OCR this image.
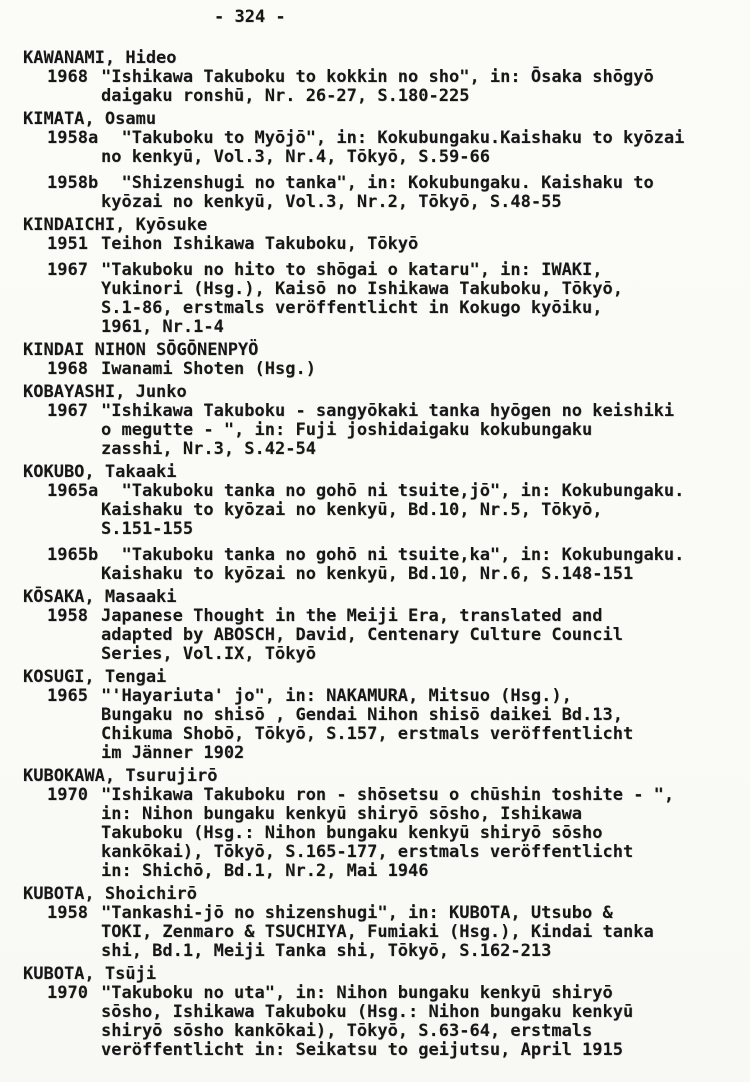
- 324 -
KAWANAMI, Hideo
1968 "Ishikawa Takuboku to kokkin no sho", in: Ōsaka shōgyō
daigaku ronshū, Nr. 26-27, S.180-225
KIMATA, Osamu
1958a "Takuboku to Myōjō", in: Kokubungaku.Kaishaku to kyōzai
no kenkyū, Vol.3, Nr.4, Tōkyō, S.59-66
1958b "Shizenshugi no tanka", in: Kokubungaku. Kaishaku to
kyōzai no kenkyū, Vol.3, Nr.2, Tōkyō, S.48-55
KINDAICHI, Kyōsuke
1951 Teihon Ishikawa Takuboku, Tōkyō
1967 "Takuboku no hito to shōgai o kataru", in: IWAKI,
Yukinori (Hsg.), Kaisō no Ishikawa Takuboku, Tōkyō,
S.1-86, erstmals veröffentlicht in Kokugo kyōiku,
1961, Nr.1-4
KINDAI NIHON SŌGŌNENPYÖ
1968 Iwanami Shoten (Hsg.)
KOBAYASHI, Junko
1967 "Ishikawa Takuboku - sangyōkaki tanka hyōgen no keishiki
o megutte - ", in: Fuji joshidaigaku kokubungaku
zasshi, Nr.3, S.42-54
KOKUBO, Takaaki
1965a "Takuboku tanka no gohō ni tsuite,jō", in: Kokubungaku.
Kaishaku to kyōzai no kenkyū, Bd.10, Nr.5, Tōkyō,
S.151-155
1965b "Takuboku tanka no gohō ni tsuite,ka", in: Kokubungaku.
Kaishaku to kyōzai no kenkyū, Bd.10, Nr.6, S.148-151
KŌSAKA, Masaaki
1958 Japanese Thought in the Meiji Era, translated and
adapted by ABOSCH, David, Centenary Culture Council
Series, Vol.IX, Tōkyō
KOSUGI, Tengai
1965 "'Hayariuta' jo", in: NAKAMURA, Mitsuo (Hsg.),
Bungaku no shisō , Gendai Nihon shisō daikei Bd.13,
Chikuma Shobō, Tōkyō, S.157, erstmals veröffentlicht
im Jänner 1902
KUBOKAWA, Tsurujirō
1970 "Ishikawa Takuboku ron - shōsetsu o chūshin toshite - ",
in: Nihon bungaku kenkyū shiryō sōsho, Ishikawa
Takuboku (Hsg.: Nihon bungaku kenkyū shiryō sōsho
kankōkai), Tōkyō, S.165-177, erstmals veröffentlicht
in: Shichō, Bd.1, Nr.2, Mai 1946
KUBOTA, Shoichirō
1958 "Tankashi-jō no shizenshugi", in: KUBOTA, Utsubo &
TOKI, Zenmaro & TSUCHIYA, Fumiaki (Hsg.), Kindai tanka
shi, Bd.1, Meiji Tanka shi, Tōkyō, S.162-213
KUBOTA, Tsūji
1970 "Takuboku no uta", in: Nihon bungaku kenkyū shiryō
sōsho, Ishikawa Takuboku (Hsg.: Nihon bungaku kenkyū
shiryō sōsho kankōkai), Tōkyō, S.63-64, erstmals
veröffentlicht in: Seikatsu to geijutsu, April 1915
